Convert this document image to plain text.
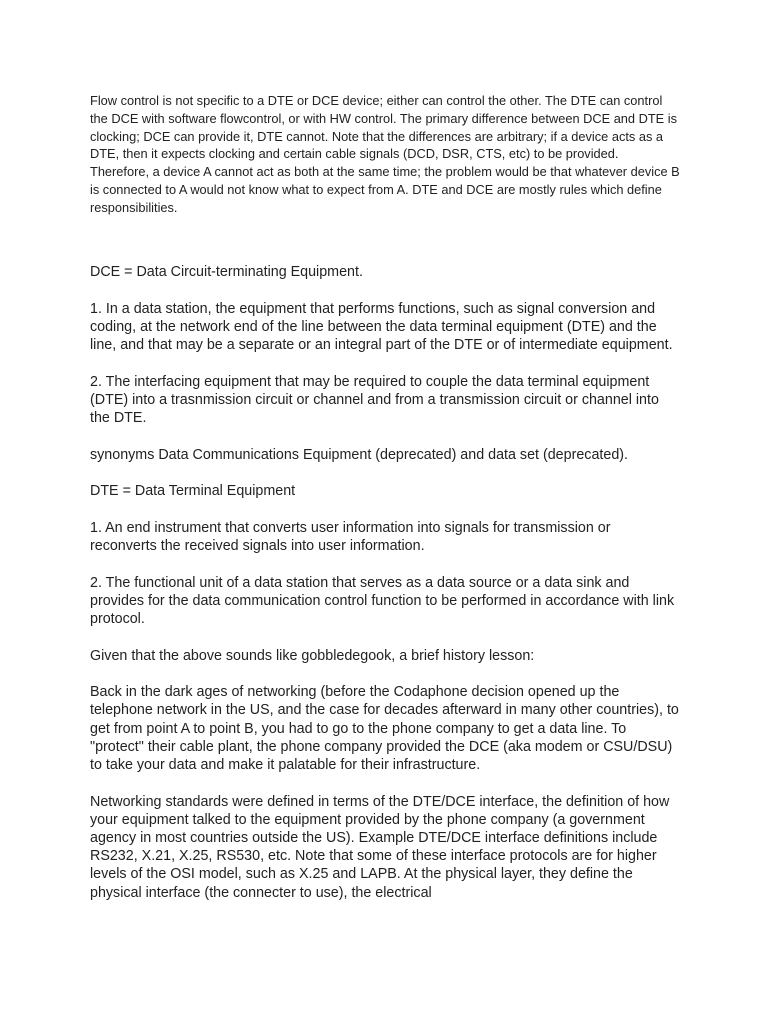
Flow control is not specific to a DTE or DCE device; either can control the other. The DTE can control the DCE with software flowcontrol, or with HW control. The primary difference between DCE and DTE is clocking; DCE can provide it, DTE cannot. Note that the differences are arbitrary; if a device acts as a DTE, then it expects clocking and certain cable signals (DCD, DSR, CTS, etc) to be provided. Therefore, a device A cannot act as both at the same time; the problem would be that whatever device B is connected to A would not know what to expect from A. DTE and DCE are mostly rules which define responsibilities.

DCE = Data Circuit-terminating Equipment.

1. In a data station, the equipment that performs functions, such as signal conversion and coding, at the network end of the line between the data terminal equipment (DTE) and the line, and that may be a separate or an integral part of the DTE or of intermediate equipment.

2. The interfacing equipment that may be required to couple the data terminal equipment (DTE) into a trasnmission circuit or channel and from a transmission circuit or channel into the DTE.

synonyms Data Communications Equipment (deprecated) and data set (deprecated).

DTE = Data Terminal Equipment

1. An end instrument that converts user information into signals for transmission or reconverts the received signals into user information.

2. The functional unit of a data station that serves as a data source or a data sink and provides for the data communication control function to be performed in accordance with link protocol.

Given that the above sounds like gobbledegook, a brief history lesson:

Back in the dark ages of networking (before the Codaphone decision opened up the telephone network in the US, and the case for decades afterward in many other countries), to get from point A to point B, you had to go to the phone company to get a data line. To "protect" their cable plant, the phone company provided the DCE (aka modem or CSU/DSU) to take your data and make it palatable for their infrastructure.

Networking standards were defined in terms of the DTE/DCE interface, the definition of how your equipment talked to the equipment provided by the phone company (a government agency in most countries outside the US). Example DTE/DCE interface definitions include RS232, X.21, X.25, RS530, etc. Note that some of these interface protocols are for higher levels of the OSI model, such as X.25 and LAPB. At the physical layer, they define the physical interface (the connecter to use), the electrical
